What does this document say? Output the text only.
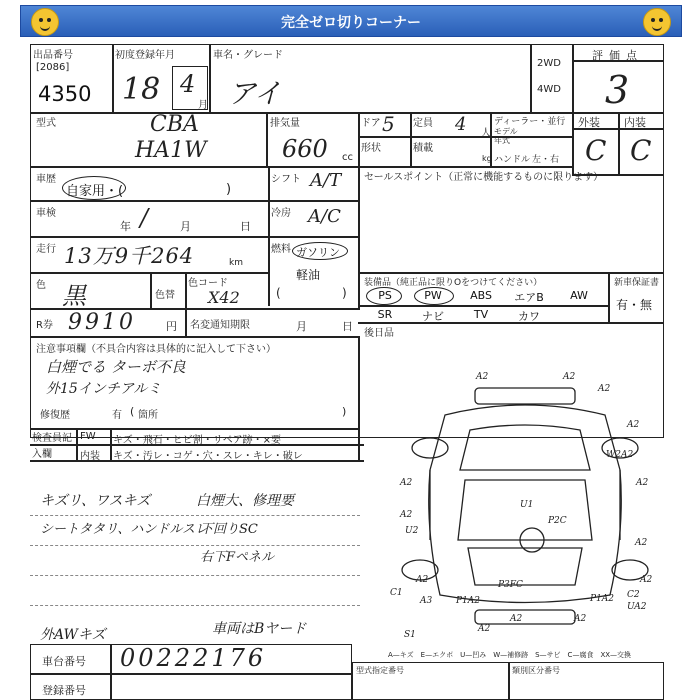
完全ゼロ切りコーナー
出品番号
[2086]
4350
初度登録年月
18 4
月
車名・グレード
アイ
2WD
4WD
評価点
3
型式	CBA
HA1W
排気量
660 cc
ドア 5 定員 4 人
ディーラー・並行
モデル年式
形状	積載
kg ハンドル 左・右
外装 内装
C C
車歴
自家用・(	)
シフト A/T
車検
年	月	日
/	冷房 A/C
走行 13万9千264	km
燃料 ガソリン
軽油
(	)
色 黒	色替
色コード
X42
R券 9910	円 名変通知期限	月	日
セールスポイント（正常に機能するものに限ります）
装備品（純正品に限りOをつけてください）	新車保証書
PS	PW	ABS	エアB	AW
SR	ナビ	TV	カワ
有・無
後日品
注意事項欄（不具合内容は具体的に記入して下さい）
白煙でる ターボ不良
外15インチアルミ
修復歴	有 箇所
(	)
検査員記入欄
FW キズ・飛石・ヒビ割・リペア跡・×要
内装 キズ・汚レ・コゲ・穴・スレ・キレ・破レ
キズリ、ワスキズ	白煙大、修理要
シートタタリ、ハンドルスレ
下回りSC
右下Fペネル
外AWキズ	車両はBヤード
A2	A2
A2
W2A2
A2
A2
A2
A2
U2
A2
U1
P2C
A2
P3FC
A2
C1
A3	P1A2	P1A2 C2
UA2
A2
A2
S1
A2
A—キズ　E—エクボ　U—凹み　W—補修跡　S—サビ　C—腐食　XX—交換
車台番号 00222176
登録番号
型式指定番号	類別区分番号
